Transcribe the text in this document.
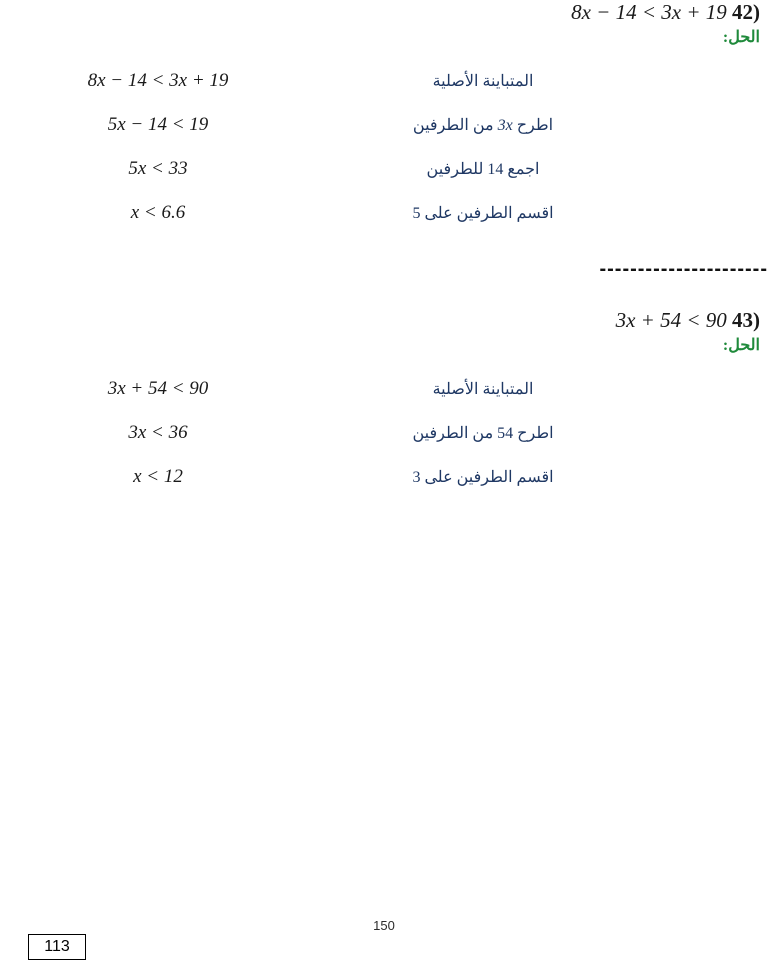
(42 8x − 14 < 3x + 19
الحل:
	المتباينة الأصلية	8x − 14 < 3x + 19
	اطرح 3x من الطرفين	5x − 14 < 19
	اجمع 14 للطرفين	5x < 33
	اقسم الطرفين على 5	x < 6.6
----------------------
(43 3x + 54 < 90
الحل:
	المتباينة الأصلية	3x + 54 < 90
	اطرح 54 من الطرفين	3x < 36
	اقسم الطرفين على 3	x < 12
150
113
